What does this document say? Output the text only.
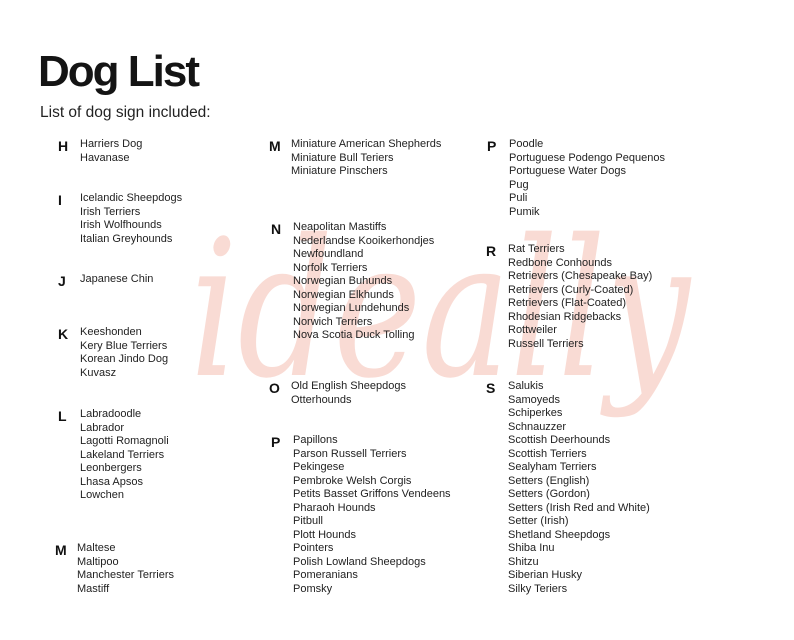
ideally
Dog List
List of dog sign included:
H Harriers Dog
Havanase
I Icelandic Sheepdogs
Irish Terriers
Irish Wolfhounds
Italian Greyhounds
J Japanese Chin
K Keeshonden
Kery Blue Terriers
Korean Jindo Dog
Kuvasz
L Labradoodle
Labrador
Lagotti Romagnoli
Lakeland Terriers
Leonbergers
Lhasa Apsos
Lowchen
M Maltese
Maltipoo
Manchester Terriers
Mastiff
M Miniature American Shepherds
Miniature Bull Teriers
Miniature Pinschers
N Neapolitan Mastiffs
Nederlandse Kooikerhondjes
Newfoundland
Norfolk Terriers
Norwegian Buhunds
Norwegian Elkhunds
Norwegian Lundehunds
Norwich Terriers
Nova Scotia Duck Tolling
O Old English Sheepdogs
Otterhounds
P Papillons
Parson Russell Terriers
Pekingese
Pembroke Welsh Corgis
Petits Basset Griffons Vendeens
Pharaoh Hounds
Pitbull
Plott Hounds
Pointers
Polish Lowland Sheepdogs
Pomeranians
Pomsky
P Poodle
Portuguese Podengo Pequenos
Portuguese Water Dogs
Pug
Puli
Pumik
R Rat Terriers
Redbone Conhounds
Retrievers (Chesapeake Bay)
Retrievers (Curly-Coated)
Retrievers (Flat-Coated)
Rhodesian Ridgebacks
Rottweiler
Russell Terriers
S Salukis
Samoyeds
Schiperkes
Schnauzzer
Scottish Deerhounds
Scottish Terriers
Sealyham Terriers
Setters (English)
Setters (Gordon)
Setters (Irish Red and White)
Setter (Irish)
Shetland Sheepdogs
Shiba Inu
Shitzu
Siberian Husky
Silky Teriers
